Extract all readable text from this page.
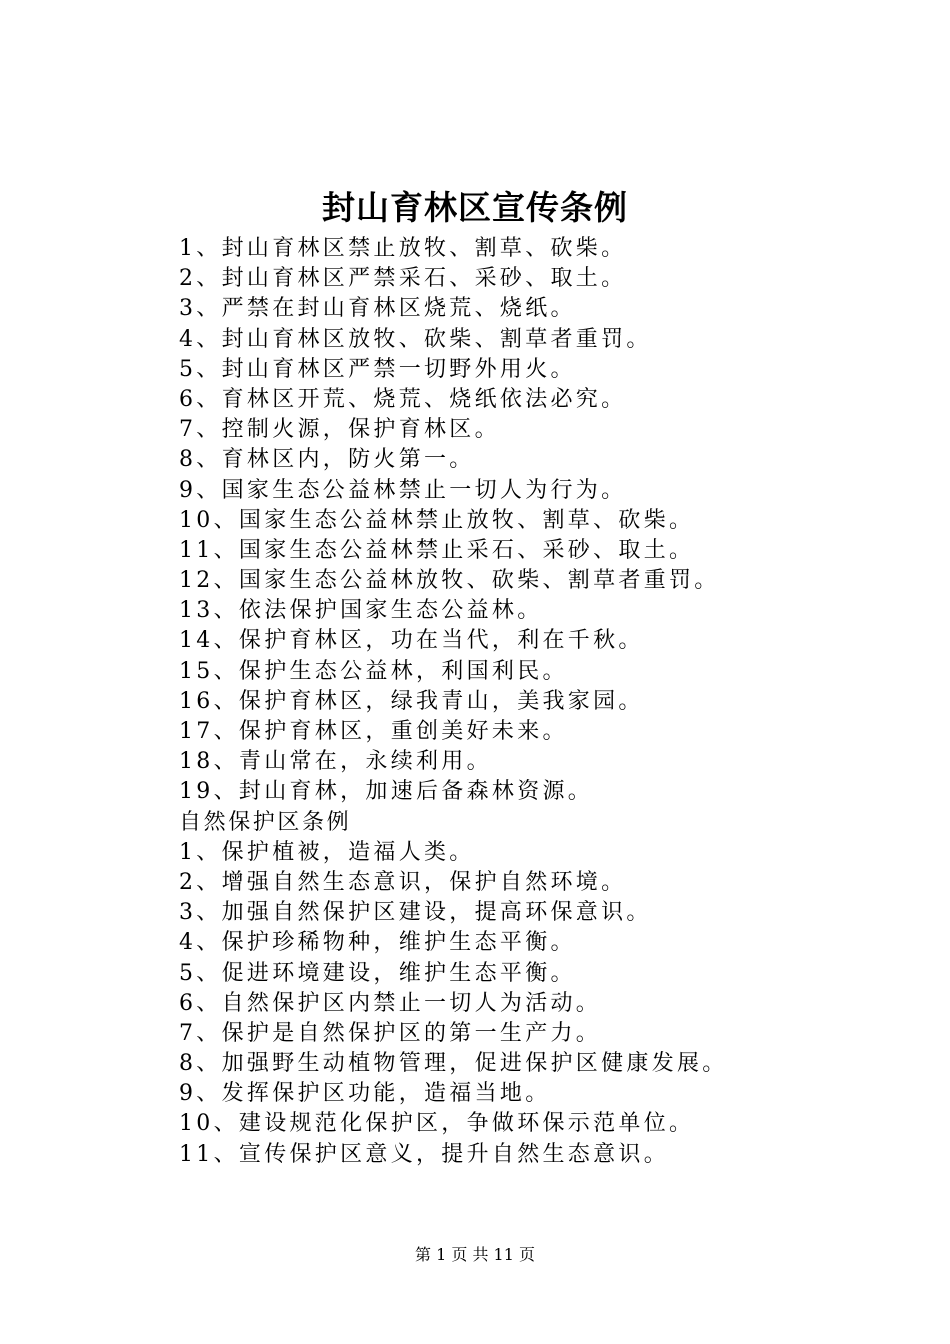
封山育林区宣传条例
1、封山育林区禁止放牧、割草、砍柴。
2、封山育林区严禁采石、采砂、取土。
3、严禁在封山育林区烧荒、烧纸。
4、封山育林区放牧、砍柴、割草者重罚。
5、封山育林区严禁一切野外用火。
6、育林区开荒、烧荒、烧纸依法必究。
7、控制火源，保护育林区。
8、育林区内，防火第一。
9、国家生态公益林禁止一切人为行为。
10、国家生态公益林禁止放牧、割草、砍柴。
11、国家生态公益林禁止采石、采砂、取土。
12、国家生态公益林放牧、砍柴、割草者重罚。
13、依法保护国家生态公益林。
14、保护育林区，功在当代，利在千秋。
15、保护生态公益林，利国利民。
16、保护育林区，绿我青山，美我家园。
17、保护育林区，重创美好未来。
18、青山常在，永续利用。
19、封山育林，加速后备森林资源。
自然保护区条例
1、保护植被，造福人类。
2、增强自然生态意识，保护自然环境。
3、加强自然保护区建设，提高环保意识。
4、保护珍稀物种，维护生态平衡。
5、促进环境建设，维护生态平衡。
6、自然保护区内禁止一切人为活动。
7、保护是自然保护区的第一生产力。
8、加强野生动植物管理，促进保护区健康发展。
9、发挥保护区功能，造福当地。
10、建设规范化保护区，争做环保示范单位。
11、宣传保护区意义，提升自然生态意识。
第 1 页 共 11 页
